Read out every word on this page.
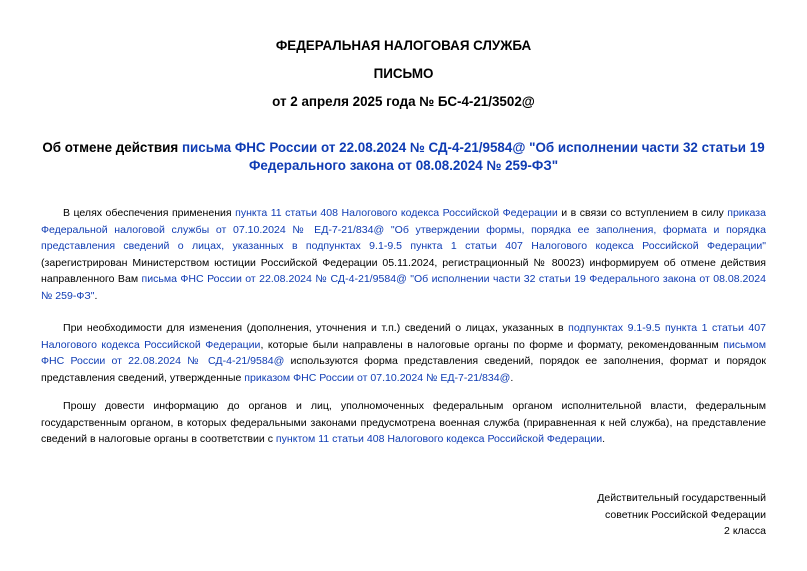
ФЕДЕРАЛЬНАЯ НАЛОГОВАЯ СЛУЖБА
ПИСЬМО
от 2 апреля 2025 года № БС-4-21/3502@
Об отмене действия письма ФНС России от 22.08.2024 № СД-4-21/9584@ "Об исполнении части 32 статьи 19 Федерального закона от 08.08.2024 № 259-ФЗ"

В целях обеспечения применения пункта 11 статьи 408 Налогового кодекса Российской Федерации и в связи со вступлением в силу приказа Федеральной налоговой службы от 07.10.2024 № ЕД-7-21/834@ "Об утверждении формы, порядка ее заполнения, формата и порядка представления сведений о лицах, указанных в подпунктах 9.1-9.5 пункта 1 статьи 407 Налогового кодекса Российской Федерации" (зарегистрирован Министерством юстиции Российской Федерации 05.11.2024, регистрационный № 80023) информируем об отмене действия направленного Вам письма ФНС России от 22.08.2024 № СД-4-21/9584@ "Об исполнении части 32 статьи 19 Федерального закона от 08.08.2024 № 259-ФЗ".

При необходимости для изменения (дополнения, уточнения и т.п.) сведений о лицах, указанных в подпунктах 9.1-9.5 пункта 1 статьи 407 Налогового кодекса Российской Федерации, которые были направлены в налоговые органы по форме и формату, рекомендованным письмом ФНС России от 22.08.2024 № СД-4-21/9584@ используются форма представления сведений, порядок ее заполнения, формат и порядок представления сведений, утвержденные приказом ФНС России от 07.10.2024 № ЕД-7-21/834@.

Прошу довести информацию до органов и лиц, уполномоченных федеральным органом исполнительной власти, федеральным государственным органом, в которых федеральными законами предусмотрена военная служба (приравненная к ней служба), на представление сведений в налоговые органы в соответствии с пунктом 11 статьи 408 Налогового кодекса Российской Федерации.

Действительный государственный
советник Российской Федерации
2 класса
